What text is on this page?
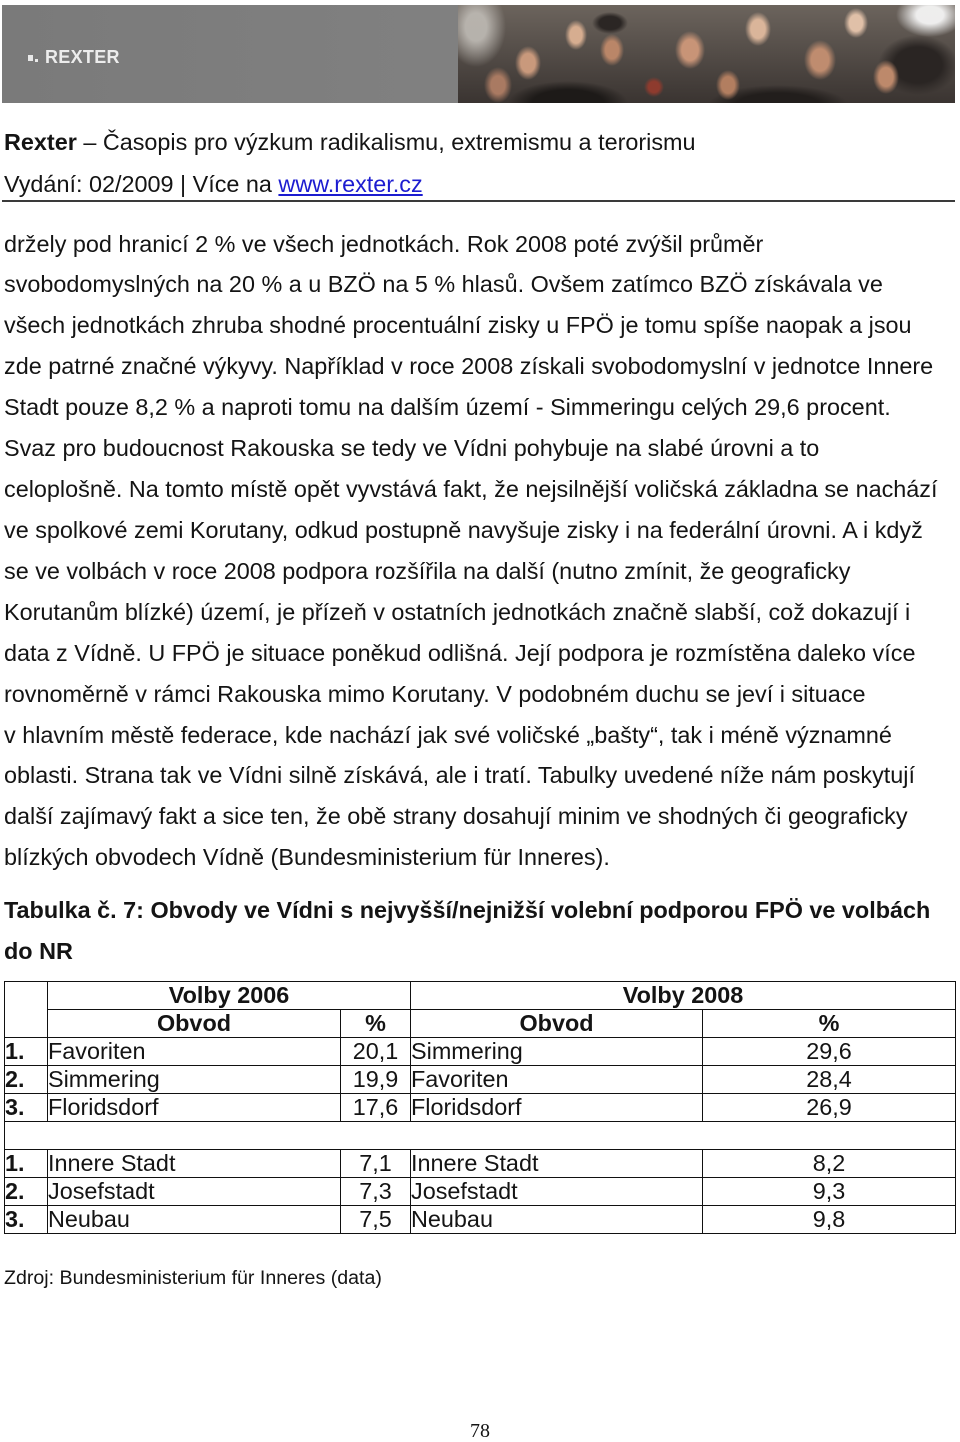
REXTER
Rexter – Časopis pro výzkum radikalismu, extremismu a terorismu
Vydání: 02/2009 | Více na www.rexter.cz
držely pod hranicí 2 % ve všech jednotkách. Rok 2008 poté zvýšil průměr
svobodomyslných na 20 % a u BZÖ na 5 % hlasů. Ovšem zatímco BZÖ získávala ve
všech jednotkách zhruba shodné procentuální zisky u FPÖ je tomu spíše naopak a jsou
zde patrné značné výkyvy. Například v roce 2008 získali svobodomyslní v jednotce Innere
Stadt pouze 8,2 % a naproti tomu na dalším území - Simmeringu celých 29,6 procent.
Svaz pro budoucnost Rakouska se tedy ve Vídni pohybuje na slabé úrovni a to
celoplošně. Na tomto místě opět vyvstává fakt, že nejsilnější voličská základna se nachází
ve spolkové zemi Korutany, odkud postupně navyšuje zisky i na federální úrovni. A i když
se ve volbách v roce 2008 podpora rozšířila na další (nutno zmínit, že geograficky
Korutanům blízké) území, je přízeň v ostatních jednotkách značně slabší, což dokazují i
data z Vídně. U FPÖ je situace poněkud odlišná. Její podpora je rozmístěna daleko více
rovnoměrně v rámci Rakouska mimo Korutany. V podobném duchu se jeví i situace
v hlavním městě federace, kde nachází jak své voličské „bašty“, tak i méně významné
oblasti. Strana tak ve Vídni silně získává, ale i tratí. Tabulky uvedené níže nám poskytují
další zajímavý fakt a sice ten, že obě strany dosahují minim ve shodných či geograficky
blízkých obvodech Vídně (Bundesministerium für Inneres).
Tabulka č. 7: Obvody ve Vídni s nejvyšší/nejnižší volební podporou FPÖ ve volbách
do NR
	Volby 2006		Volby 2008	
	Obvod	%	Obvod	%
1.	Favoriten	20,1	Simmering	29,6
2.	Simmering	19,9	Favoriten	28,4
3.	Floridsdorf	17,6	Floridsdorf	26,9

1.	Innere Stadt	7,1	Innere Stadt	8,2
2.	Josefstadt	7,3	Josefstadt	9,3
3.	Neubau	7,5	Neubau	9,8
Zdroj: Bundesministerium für Inneres (data)
78
